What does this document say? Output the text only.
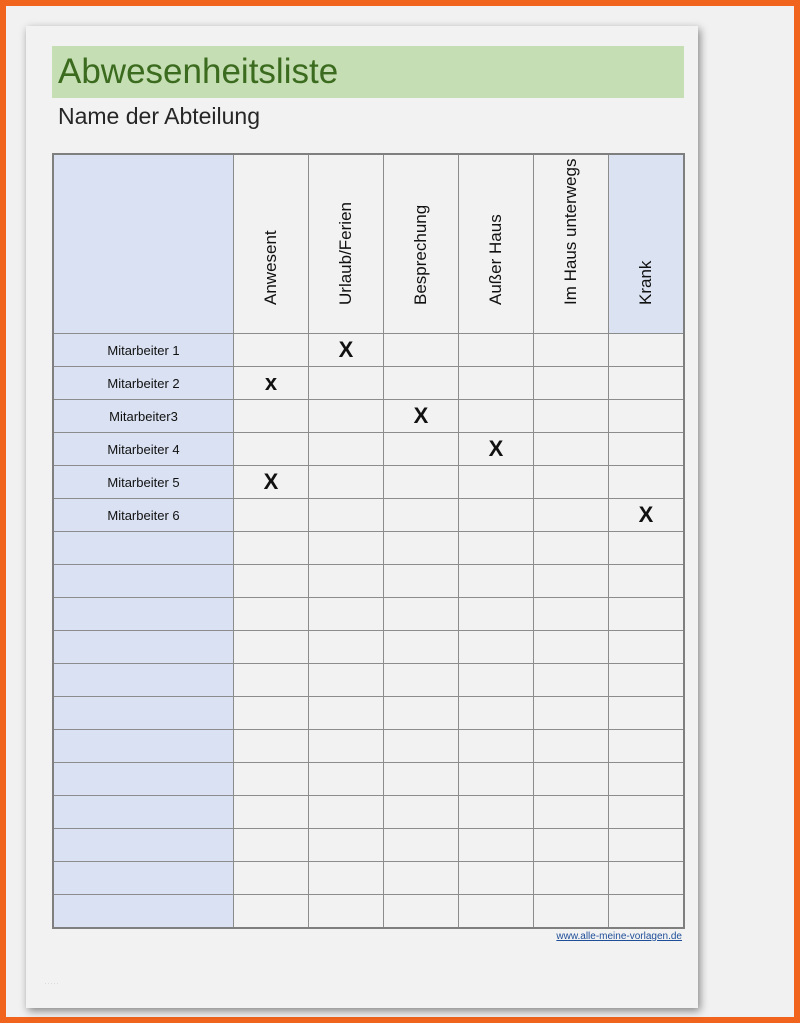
Abwesenheitsliste
Name der Abteilung

	Anwesent	Urlaub/Ferien	Besprechung	Außer Haus	Im Haus unterwegs	Krank

Mitarbeiter 1		X				
Mitarbeiter 2	x					
Mitarbeiter3			X			
Mitarbeiter 4				X		
Mitarbeiter 5	X					
Mitarbeiter 6						X

www.alle-meine-vorlagen.de
·····
